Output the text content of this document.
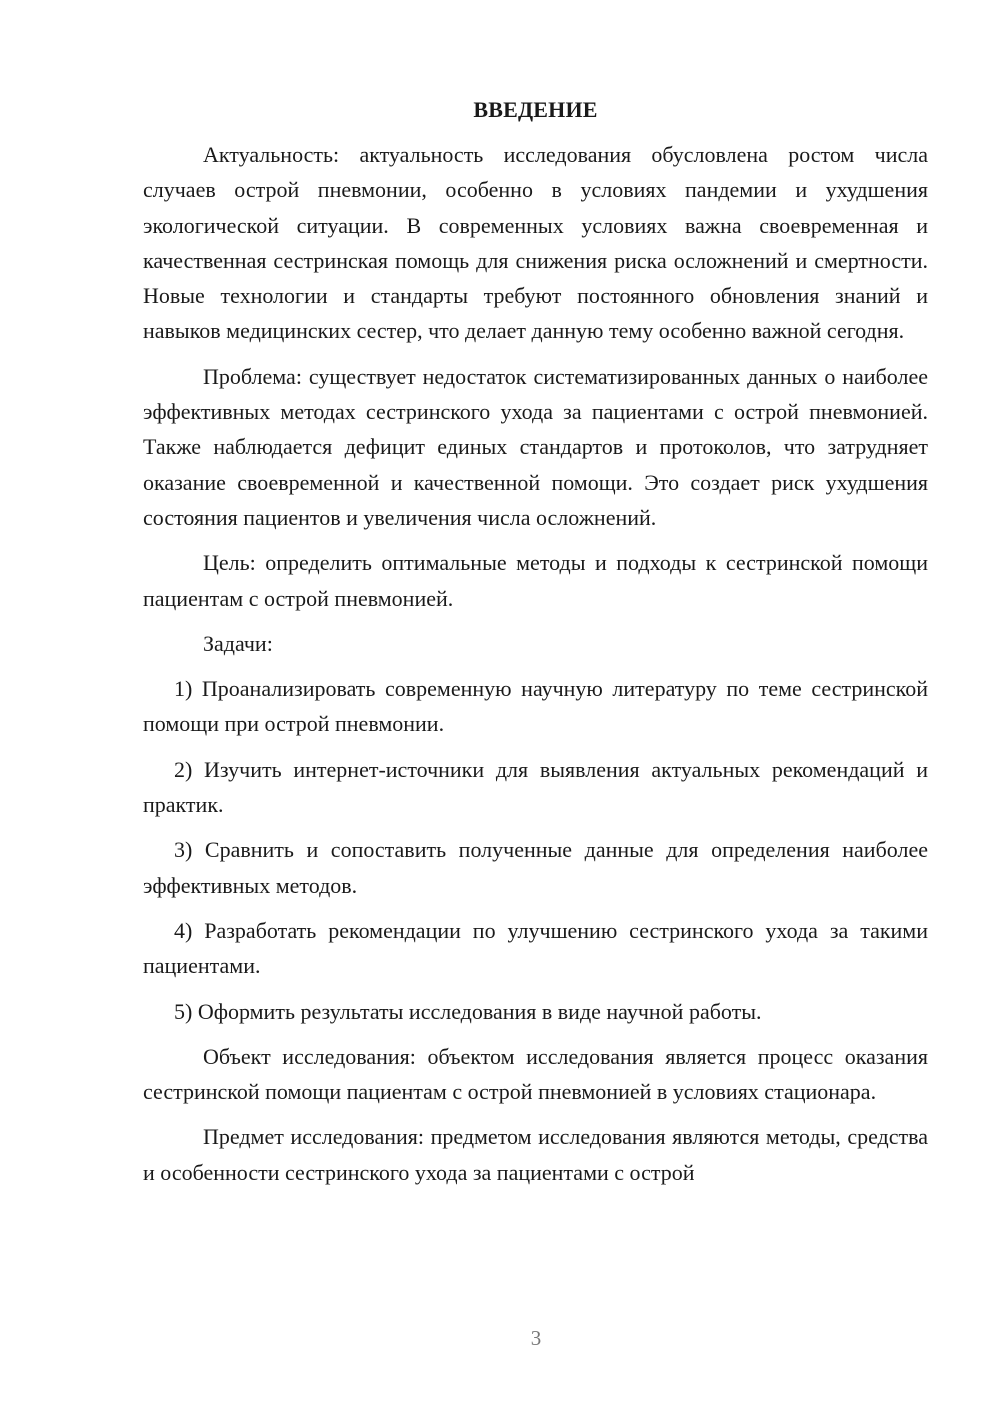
ВВЕДЕНИЕ

Актуальность: актуальность исследования обусловлена ростом числа случаев острой пневмонии, особенно в условиях пандемии и ухудшения экологической ситуации. В современных условиях важна своевременная и качественная сестринская помощь для снижения риска осложнений и смертности. Новые технологии и стандарты требуют постоянного обновления знаний и навыков медицинских сестер, что делает данную тему особенно важной сегодня.

Проблема: существует недостаток систематизированных данных о наиболее эффективных методах сестринского ухода за пациентами с острой пневмонией. Также наблюдается дефицит единых стандартов и протоколов, что затрудняет оказание своевременной и качественной помощи. Это создает риск ухудшения состояния пациентов и увеличения числа осложнений.

Цель: определить оптимальные методы и подходы к сестринской помощи пациентам с острой пневмонией.

Задачи:

1) Проанализировать современную научную литературу по теме сестринской помощи при острой пневмонии.

2) Изучить интернет-источники для выявления актуальных рекомендаций и практик.

3) Сравнить и сопоставить полученные данные для определения наиболее эффективных методов.

4) Разработать рекомендации по улучшению сестринского ухода за такими пациентами.

5) Оформить результаты исследования в виде научной работы.

Объект исследования: объектом исследования является процесс оказания сестринской помощи пациентам с острой пневмонией в условиях стационара.

Предмет исследования: предметом исследования являются методы, средства и особенности сестринского ухода за пациентами с острой

3
